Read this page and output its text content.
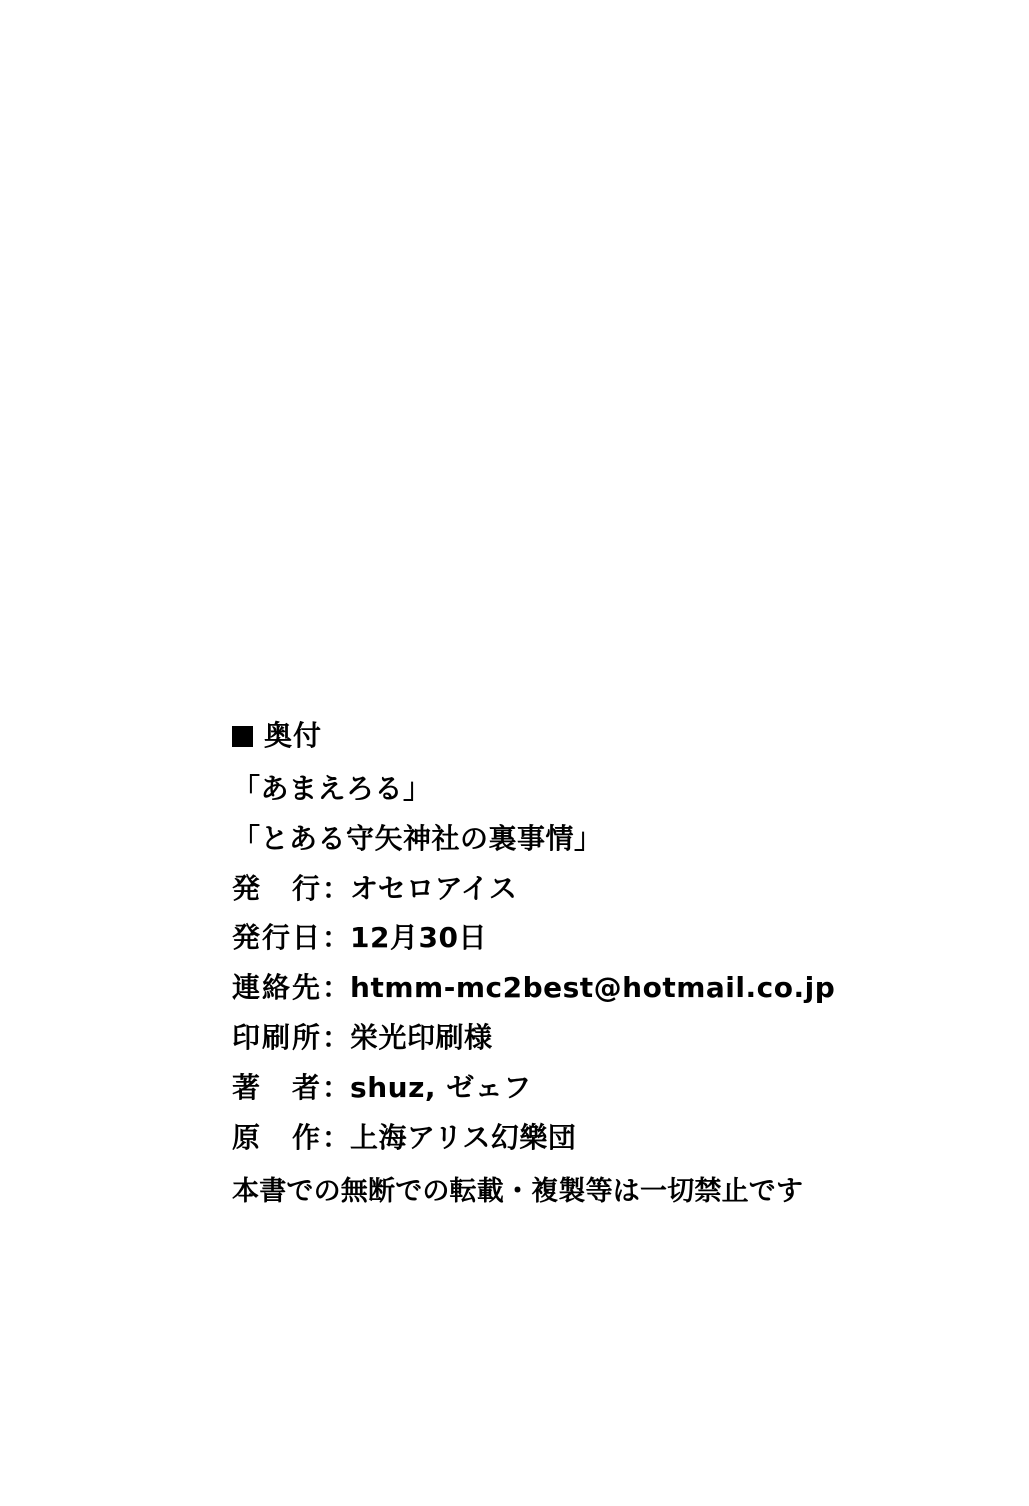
奥付
「あまえろる」
「とある守矢神社の裏事情」
発　行：オセロアイス
発行日：12月30日
連絡先：htmm-mc2best@hotmail.co.jp
印刷所：栄光印刷様
著　者：shuz, ゼェフ
原　作：上海アリス幻樂団
本書での無断での転載・複製等は一切禁止です
